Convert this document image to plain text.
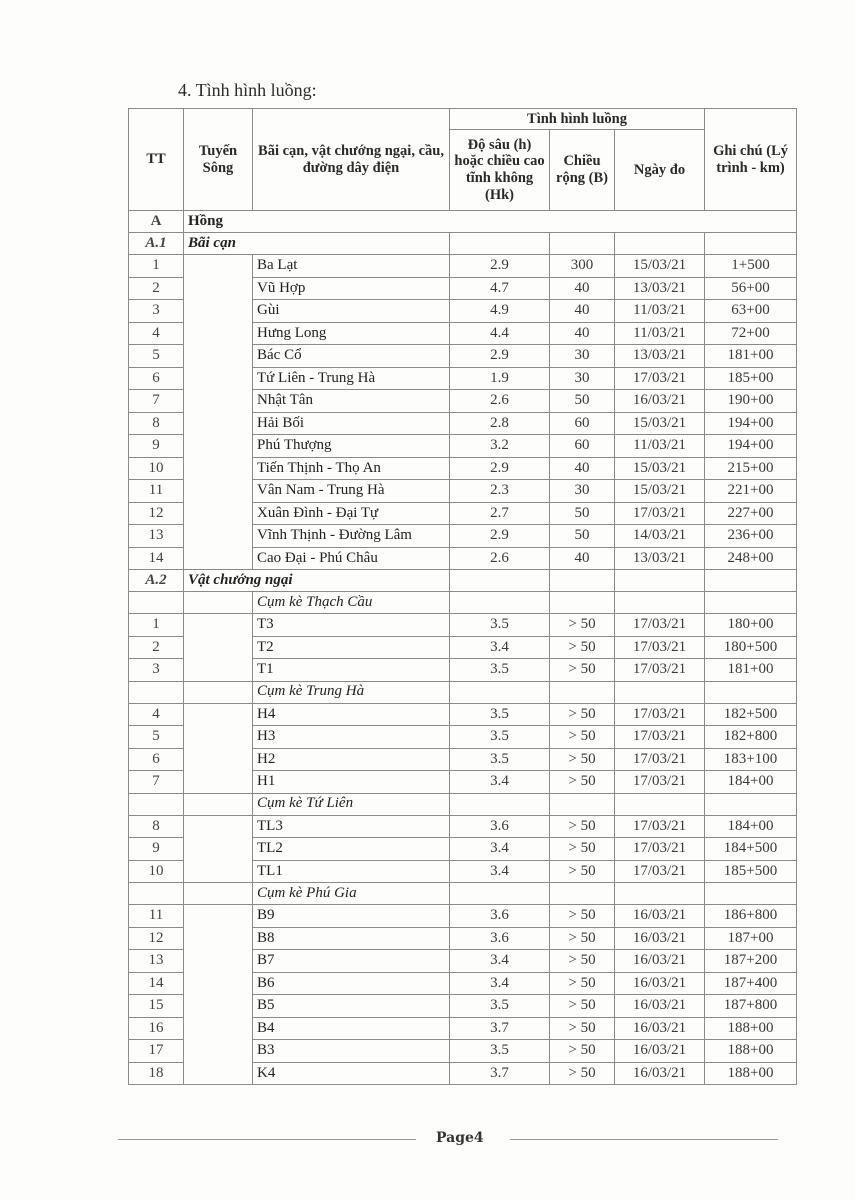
4. Tình hình luồng:
TT	Tuyến Sông	Bãi cạn, vật chướng ngại, cầu, đường dây điện	Tình hình luồng			Ghi chú (Lý trình - km)
			Độ sâu (h) hoặc chiều cao tĩnh không (Hk)	Chiều rộng (B)	Ngày đo	
A	Hồng					
A.1	Bãi cạn					
1		Ba Lạt	2.9	300	15/03/21	1+500
2		Vũ Hợp	4.7	40	13/03/21	56+00
3		Gùi	4.9	40	11/03/21	63+00
4		Hưng Long	4.4	40	11/03/21	72+00
5		Bác Cổ	2.9	30	13/03/21	181+00
6		Tứ Liên - Trung Hà	1.9	30	17/03/21	185+00
7		Nhật Tân	2.6	50	16/03/21	190+00
8		Hải Bối	2.8	60	15/03/21	194+00
9		Phú Thượng	3.2	60	11/03/21	194+00
10		Tiến Thịnh - Thọ An	2.9	40	15/03/21	215+00
11		Vân Nam - Trung Hà	2.3	30	15/03/21	221+00
12		Xuân Đình - Đại Tự	2.7	50	17/03/21	227+00
13		Vĩnh Thịnh - Đường Lâm	2.9	50	14/03/21	236+00
14		Cao Đại - Phú Châu	2.6	40	13/03/21	248+00
A.2	Vật chướng ngại					
		Cụm kè Thạch Cầu				
1		T3	3.5	> 50	17/03/21	180+00
2		T2	3.4	> 50	17/03/21	180+500
3		T1	3.5	> 50	17/03/21	181+00
		Cụm kè Trung Hà				
4		H4	3.5	> 50	17/03/21	182+500
5		H3	3.5	> 50	17/03/21	182+800
6		H2	3.5	> 50	17/03/21	183+100
7		H1	3.4	> 50	17/03/21	184+00
		Cụm kè Tứ Liên				
8		TL3	3.6	> 50	17/03/21	184+00
9		TL2	3.4	> 50	17/03/21	184+500
10		TL1	3.4	> 50	17/03/21	185+500
		Cụm kè Phú Gia				
11		B9	3.6	> 50	16/03/21	186+800
12		B8	3.6	> 50	16/03/21	187+00
13		B7	3.4	> 50	16/03/21	187+200
14		B6	3.4	> 50	16/03/21	187+400
15		B5	3.5	> 50	16/03/21	187+800
16		B4	3.7	> 50	16/03/21	188+00
17		B3	3.5	> 50	16/03/21	188+00
18		K4	3.7	> 50	16/03/21	188+00
Page4
